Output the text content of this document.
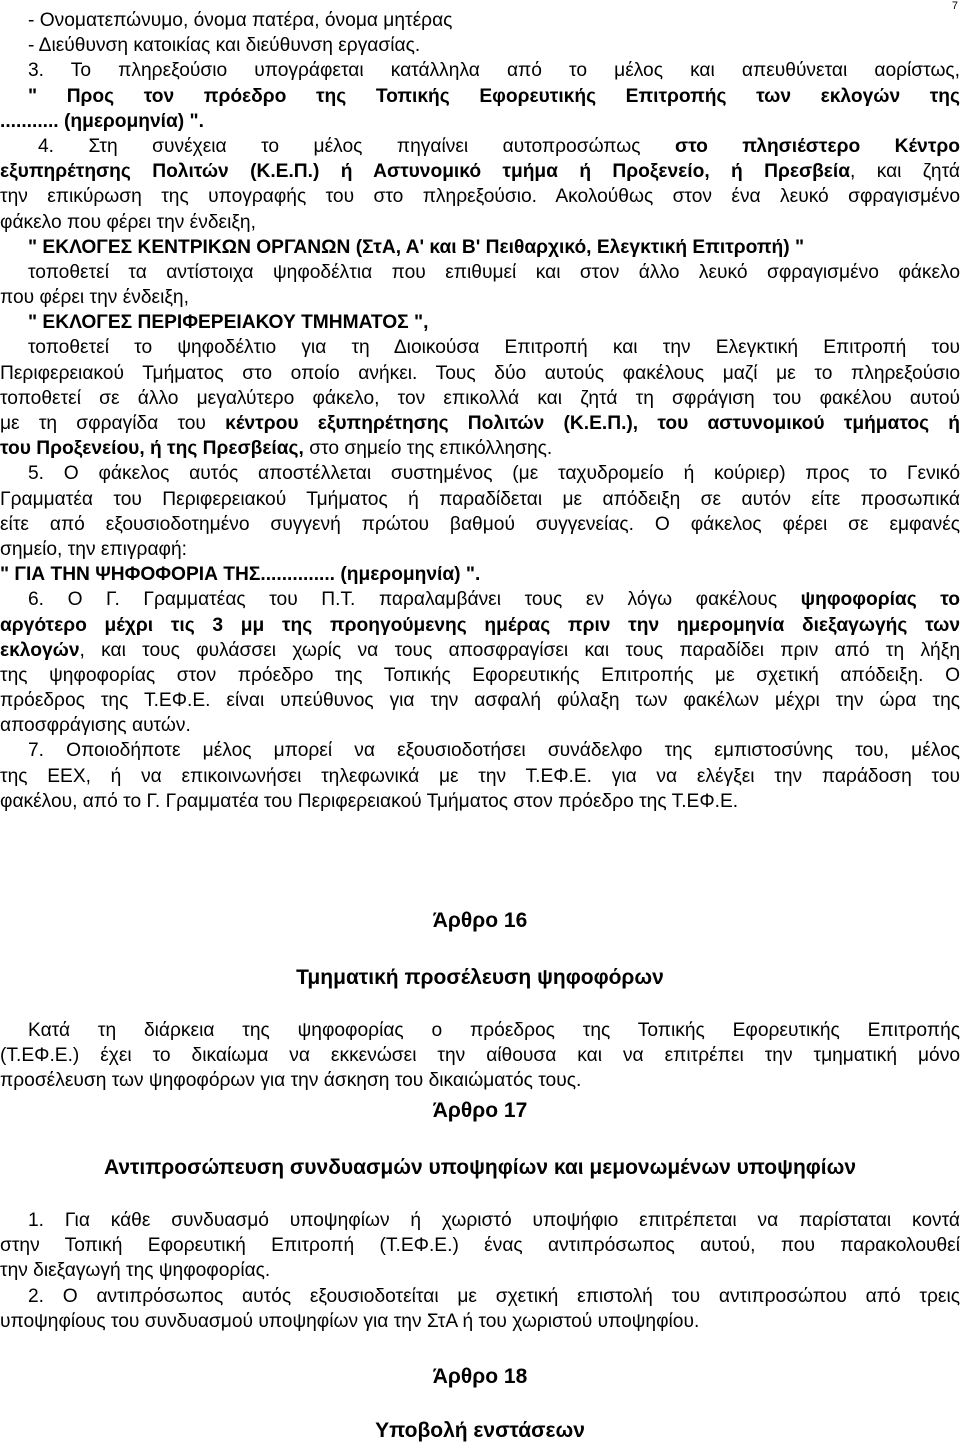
7
- Ονοματεπώνυμο, όνομα πατέρα, όνομα μητέρας
- Διεύθυνση κατοικίας και διεύθυνση εργασίας.
3. Το πληρεξούσιο υπογράφεται κατάλληλα από το μέλος και απευθύνεται αορίστως,
" Προς τον πρόεδρο της Τοπικής Εφορευτικής Επιτροπής των εκλογών της
........... (ημερομηνία) ".
4. Στη συνέχεια το μέλος πηγαίνει αυτοπροσώπως στο πλησιέστερο Κέντρο
εξυπηρέτησης Πολιτών (Κ.Ε.Π.) ή Αστυνομικό τμήμα ή Προξενείο, ή Πρεσβεία, και ζητά
την επικύρωση της υπογραφής του στο πληρεξούσιο. Ακολούθως στον ένα λευκό σφραγισμένο
φάκελο που φέρει την ένδειξη,
" ΕΚΛΟΓΕΣ ΚΕΝΤΡΙΚΩΝ ΟΡΓΑΝΩΝ (ΣτΑ, Α' και Β' Πειθαρχικό, Ελεγκτική Επιτροπή) "
τοποθετεί τα αντίστοιχα ψηφοδέλτια που επιθυμεί και στον άλλο λευκό σφραγισμένο φάκελο
που φέρει την ένδειξη,
" ΕΚΛΟΓΕΣ ΠΕΡΙΦΕΡΕΙΑΚΟΥ ΤΜΗΜΑΤΟΣ ",
τοποθετεί το ψηφοδέλτιο για τη Διοικούσα Επιτροπή και την Ελεγκτική Επιτροπή του
Περιφερειακού Τμήματος στο οποίο ανήκει. Τους δύο αυτούς φακέλους μαζί με το πληρεξούσιο
τοποθετεί σε άλλο μεγαλύτερο φάκελο, τον επικολλά και ζητά τη σφράγιση του φακέλου αυτού
με τη σφραγίδα του κέντρου εξυπηρέτησης Πολιτών (Κ.Ε.Π.), του αστυνομικού τμήματος ή
του Προξενείου, ή της Πρεσβείας, στο σημείο της επικόλλησης.
5. Ο φάκελος αυτός αποστέλλεται συστημένος (με ταχυδρομείο ή κούριερ) προς το Γενικό
Γραμματέα του Περιφερειακού Τμήματος ή παραδίδεται με απόδειξη σε αυτόν είτε προσωπικά
είτε από εξουσιοδοτημένο συγγενή πρώτου βαθμού συγγενείας. Ο φάκελος φέρει σε εμφανές
σημείο, την επιγραφή:
" ΓΙΑ ΤΗΝ ΨΗΦΟΦΟΡΙΑ ΤΗΣ.............. (ημερομηνία) ".
6. Ο Γ. Γραμματέας του Π.Τ. παραλαμβάνει τους εν λόγω φακέλους ψηφοφορίας το
αργότερο μέχρι τις 3 μμ της προηγούμενης ημέρας πριν την ημερομηνία διεξαγωγής των
εκλογών, και τους φυλάσσει χωρίς να τους αποσφραγίσει και τους παραδίδει πριν από τη λήξη
της ψηφοφορίας στον πρόεδρο της Τοπικής Εφορευτικής Επιτροπής με σχετική απόδειξη. Ο
πρόεδρος της Τ.ΕΦ.Ε. είναι υπεύθυνος για την ασφαλή φύλαξη των φακέλων μέχρι την ώρα της
αποσφράγισης αυτών.
7. Οποιοδήποτε μέλος μπορεί να εξουσιοδοτήσει συνάδελφο της εμπιστοσύνης του, μέλος
της ΕΕΧ, ή να επικοινωνήσει τηλεφωνικά με την Τ.ΕΦ.Ε. για να ελέγξει την παράδοση του
φακέλου, από το Γ. Γραμματέα του Περιφερειακού Τμήματος στον πρόεδρο της Τ.ΕΦ.Ε.
Άρθρο 16
Τμηματική προσέλευση ψηφοφόρων
Κατά τη διάρκεια της ψηφοφορίας ο πρόεδρος της Τοπικής Εφορευτικής Επιτροπής
(Τ.ΕΦ.Ε.) έχει το δικαίωμα να εκκενώσει την αίθουσα και να επιτρέπει την τμηματική μόνο
προσέλευση των ψηφοφόρων για την άσκηση του δικαιώματός τους.
Άρθρο 17
Αντιπροσώπευση συνδυασμών υποψηφίων και μεμονωμένων υποψηφίων
1. Για κάθε συνδυασμό υποψηφίων ή χωριστό υποψήφιο επιτρέπεται να παρίσταται κοντά
στην Τοπική Εφορευτική Επιτροπή (Τ.ΕΦ.Ε.) ένας αντιπρόσωπος αυτού, που παρακολουθεί
την διεξαγωγή της ψηφοφορίας.
2. Ο αντιπρόσωπος αυτός εξουσιοδοτείται με σχετική επιστολή του αντιπροσώπου από τρεις
υποψηφίους του συνδυασμού υποψηφίων για την ΣτΑ ή του χωριστού υποψηφίου.
Άρθρο 18
Υποβολή ενστάσεων
